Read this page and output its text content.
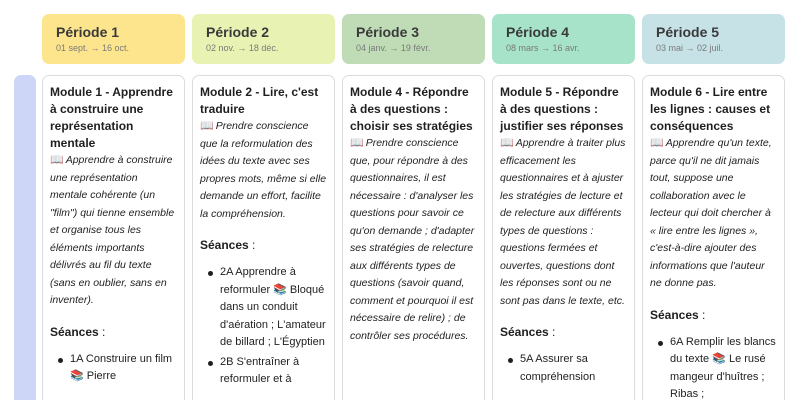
Période 1
01 sept. → 16 oct.
Période 2
02 nov. → 18 déc.
Période 3
04 janv. → 19 févr.
Période 4
08 mars → 16 avr.
Période 5
03 mai → 02 juil.
Module 1 - Apprendre à construire une représentation mentale
📖 Apprendre à construire une représentation mentale cohérente (un "film") qui tienne ensemble et organise tous les éléments importants délivrés au fil du texte (sans en oublier, sans en inventer).
Séances :
1A Construire un film 📚 Pierre
Module 2 - Lire, c'est traduire
📖 Prendre conscience que la reformulation des idées du texte avec ses propres mots, même si elle demande un effort, facilite la compréhension.
Séances :
2A Apprendre à reformuler 📚 Bloqué dans un conduit d'aération ; L'amateur de billard ; L'Égyptien
2B S'entraîner à reformuler et à
Module 4 - Répondre à des questions : choisir ses stratégies
📖 Prendre conscience que, pour répondre à des questionnaires, il est nécessaire : d'analyser les questions pour savoir ce qu'on demande ; d'adapter ses stratégies de relecture aux différents types de questions (savoir quand, comment et pourquoi il est nécessaire de relire) ; de contrôler ses procédures.
Module 5 - Répondre à des questions : justifier ses réponses
📖 Apprendre à traiter plus efficacement les questionnaires et à ajuster les stratégies de lecture et de relecture aux différents types de questions : questions fermées et ouvertes, questions dont les réponses sont ou ne sont pas dans le texte, etc.
Séances :
5A Assurer sa compréhension
Module 6 - Lire entre les lignes : causes et conséquences
📖 Apprendre qu'un texte, parce qu'il ne dit jamais tout, suppose une collaboration avec le lecteur qui doit chercher à « lire entre les lignes », c'est-à-dire ajouter des informations que l'auteur ne donne pas.
Séances :
6A Remplir les blancs du texte 📚 Le rusé mangeur d'huîtres ; Ribas ;
